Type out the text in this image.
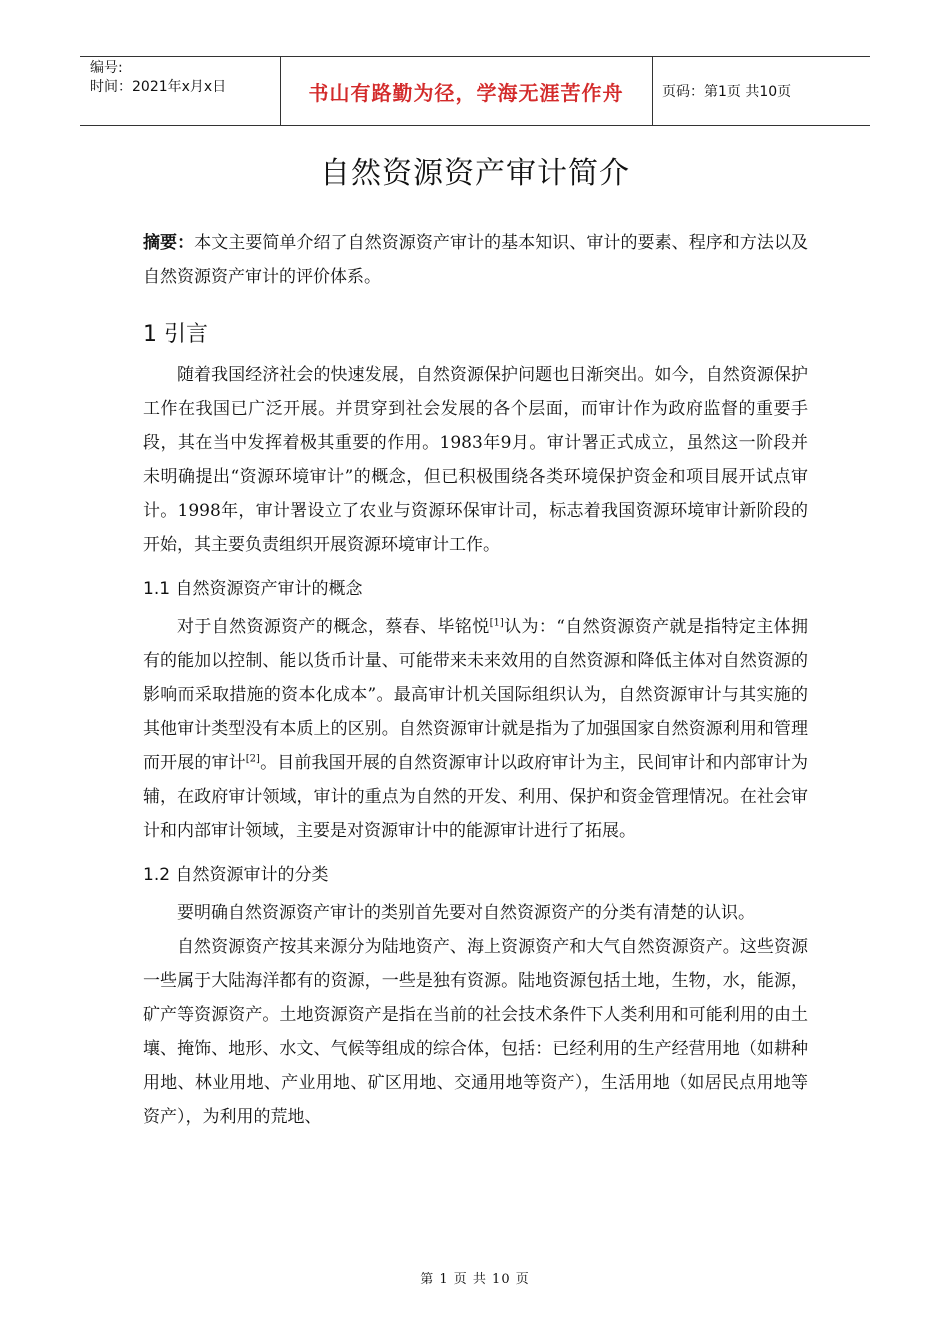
编号:
时间：2021年x月x日	书山有路勤为径，学海无涯苦作舟	页码：第1页 共10页
自然资源资产审计简介

摘要：本文主要简单介绍了自然资源资产审计的基本知识、审计的要素、程序和方法以及自然资源资产审计的评价体系。

1 引言

随着我国经济社会的快速发展，自然资源保护问题也日渐突出。如今，自然资源保护工作在我国已广泛开展。并贯穿到社会发展的各个层面，而审计作为政府监督的重要手段，其在当中发挥着极其重要的作用。1983年9月。审计署正式成立，虽然这一阶段并未明确提出“资源环境审计”的概念，但已积极围绕各类环境保护资金和项目展开试点审计。1998年，审计署设立了农业与资源环保审计司，标志着我国资源环境审计新阶段的开始，其主要负责组织开展资源环境审计工作。

1.1 自然资源资产审计的概念

对于自然资源资产的概念，蔡春、毕铭悦[1]认为：“自然资源资产就是指特定主体拥有的能加以控制、能以货币计量、可能带来未来效用的自然资源和降低主体对自然资源的影响而采取措施的资本化成本”。最高审计机关国际组织认为，自然资源审计与其实施的其他审计类型没有本质上的区别。自然资源审计就是指为了加强国家自然资源利用和管理而开展的审计[2]。目前我国开展的自然资源审计以政府审计为主，民间审计和内部审计为辅，在政府审计领域，审计的重点为自然的开发、利用、保护和资金管理情况。在社会审计和内部审计领域，主要是对资源审计中的能源审计进行了拓展。

1.2 自然资源审计的分类

要明确自然资源资产审计的类别首先要对自然资源资产的分类有清楚的认识。

自然资源资产按其来源分为陆地资产、海上资源资产和大气自然资源资产。这些资源一些属于大陆海洋都有的资源，一些是独有资源。陆地资源包括土地，生物，水，能源，矿产等资源资产。土地资源资产是指在当前的社会技术条件下人类利用和可能利用的由土壤、掩饰、地形、水文、气候等组成的综合体，包括：已经利用的生产经营用地（如耕种用地、林业用地、产业用地、矿区用地、交通用地等资产），生活用地（如居民点用地等资产），为利用的荒地、

第 1 页 共 10 页
